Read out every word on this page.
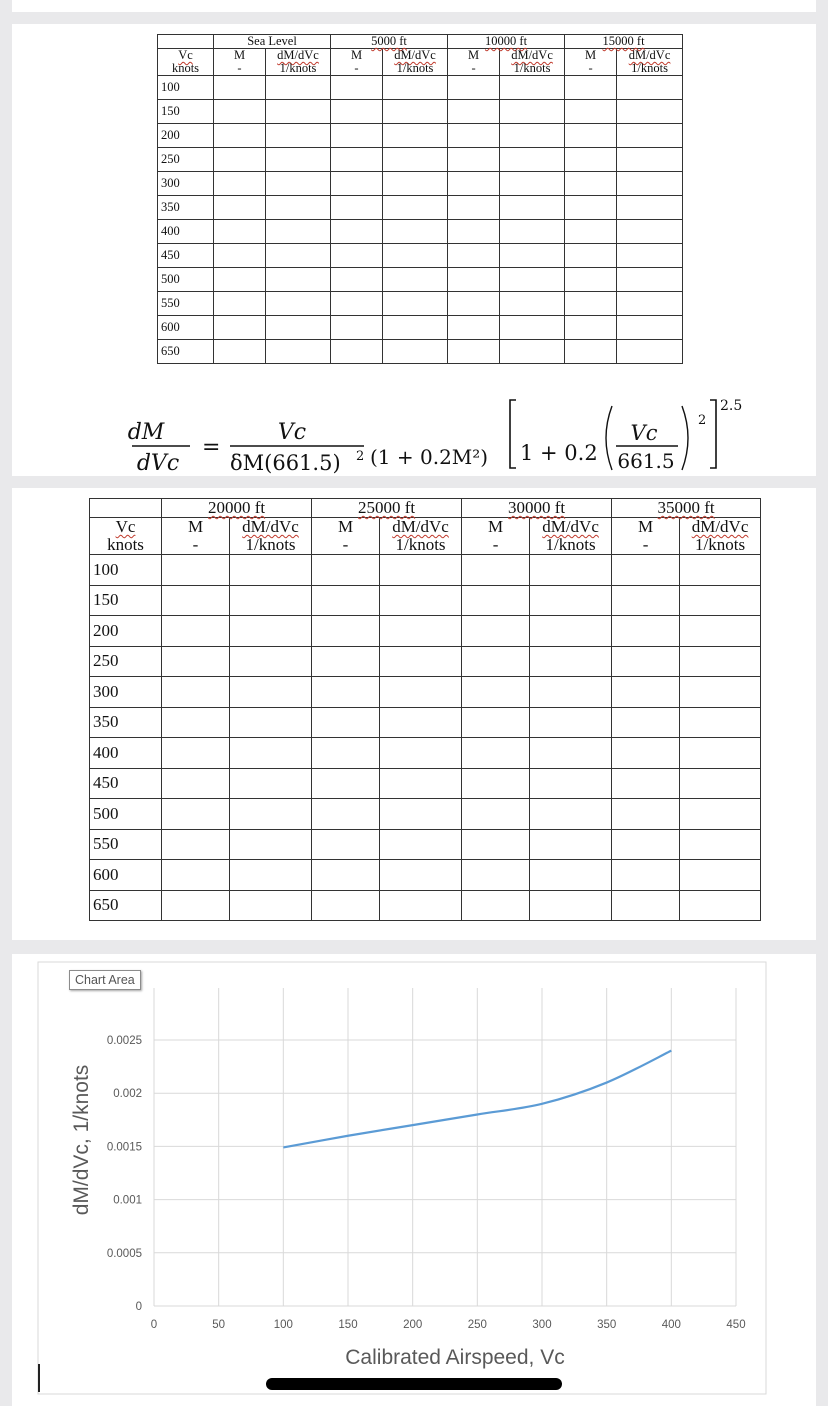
	Sea Level		5000 ft		10000 ft		15000 ft	
Vc	M	dM/dVc	M	dM/dVc	M	dM/dVc	M	dM/dVc
knots	-	1/knots	-	1/knots	-	1/knots	-	1/knots
100								
150								
200								
250								
300								
350								
400								
450								
500								
550								
600								
650								
dM
dVc
=
Vc
δM(661.5) 2 (1 + 0.2M²) 1 + 0.2
Vc
661.5
2
2.5
	20000 ft		25000 ft		30000 ft		35000 ft	
Vc	M	dM/dVc	M	dM/dVc	M	dM/dVc	M	dM/dVc
knots	-	1/knots	-	1/knots	-	1/knots	-	1/knots
100								
150								
200								
250								
300								
350								
400								
450								
500								
550								
600								
650								
0	50	100	150	200	250	300	350	400	450
0
0.0005
0.001
0.0015
0.002
0.0025
Calibrated Airspeed, Vc
dM/dVc, 1/knots
Chart Area
